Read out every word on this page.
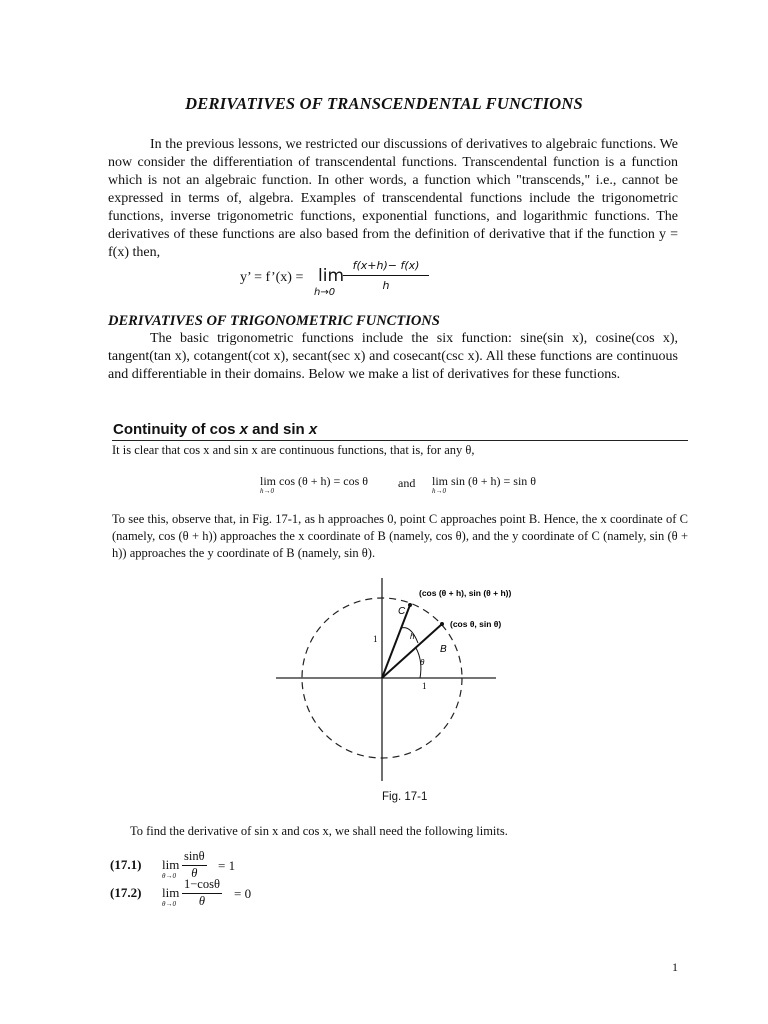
DERIVATIVES OF TRANSCENDENTAL FUNCTIONS
In the previous lessons, we restricted our discussions of derivatives to algebraic functions. We now consider the differentiation of transcendental functions. Transcendental function is a function which is not an algebraic function. In other words, a function which "transcends," i.e., cannot be expressed in terms of, algebra. Examples of transcendental functions include the trigonometric functions, inverse trigonometric functions, exponential functions, and logarithmic functions. The derivatives of these functions are also based from the definition of derivative that if the function y = f(x) then,
y’ = f’(x) = lim
h→0
$\frac{f(x+h)- f(x)}{h}$
DERIVATIVES OF TRIGONOMETRIC FUNCTIONS
The basic trigonometric functions include the six function: sine(sin x), cosine(cos x), tangent(tan x), cotangent(cot x), secant(sec x) and cosecant(csc x). All these functions are continuous and differentiable in their domains. Below we make a list of derivatives for these functions.
Continuity of cos x and sin x
It is clear that cos x and sin x are continuous functions, that is, for any θ,
lim cos (θ + h) = cos θ
h→0
and lim sin (θ + h) = sin θ
h→0
To see this, observe that, in Fig. 17-1, as h approaches 0, point C approaches point B. Hence, the x coordinate of C (namely, cos (θ + h)) approaches the x coordinate of B (namely, cos θ), and the y coordinate of C (namely, sin (θ + h)) approaches the y coordinate of B (namely, sin θ).
C
B
(cos (θ + h), sin (θ + h))
(cos θ, sin θ)
h
θ
1
1
Fig. 17-1
To find the derivative of sin x and cos x, we shall need the following limits.
(17.1) lim
$\theta\to 0 \frac{\sin\theta}{\theta} = 1$
(17.2) lim
$\theta\to 0 \frac{1-\cos\theta}{\theta} = 0$
1
